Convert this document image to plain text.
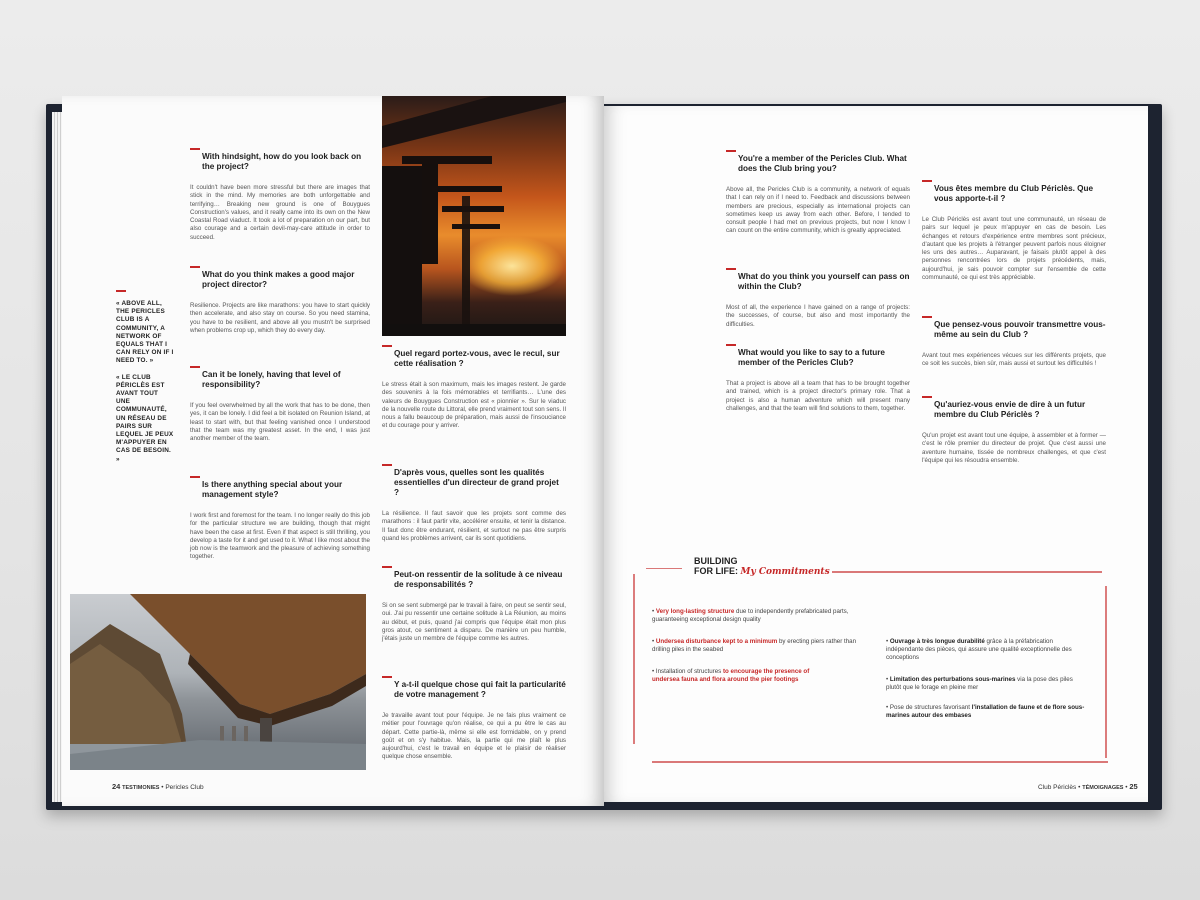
With hindsight, how do you look back on the project?

It couldn't have been more stressful but there are images that stick in the mind. My memories are both unforgettable and terrifying… Breaking new ground is one of Bouygues Construction's values, and it really came into its own on the New Coastal Road viaduct. It took a lot of preparation on our part, but also courage and a certain devil-may-care attitude in order to succeed.

What do you think makes a good major project director?

Resilience. Projects are like marathons: you have to start quickly then accelerate, and also stay on course. So you need stamina, you have to be resilient, and above all you mustn't be surprised when problems crop up, which they do every day.

Can it be lonely, having that level of responsibility?

If you feel overwhelmed by all the work that has to be done, then yes, it can be lonely. I did feel a bit isolated on Reunion Island, at least to start with, but that feeling vanished once I understood that the team was my greatest asset. In the end, I was just another member of the team.

Is there anything special about your management style?

I work first and foremost for the team. I no longer really do this job for the particular structure we are building, though that might have been the case at first. Even if that aspect is still thrilling, you develop a taste for it and get used to it. What I like most about the job now is the teamwork and the pleasure of achieving something together.

« ABOVE ALL, THE PERICLES CLUB IS A COMMUNITY, A NETWORK OF EQUALS THAT I CAN RELY ON IF I NEED TO. »
« LE CLUB PÉRICLÈS EST AVANT TOUT UNE COMMUNAUTÉ, UN RÉSEAU DE PAIRS SUR LEQUEL JE PEUX M'APPUYER EN CAS DE BESOIN. »
Quel regard portez-vous, avec le recul, sur cette réalisation ?

Le stress était à son maximum, mais les images restent. Je garde des souvenirs à la fois mémorables et terrifiants… L'une des valeurs de Bouygues Construction est « pionnier ». Sur le viaduc de la nouvelle route du Littoral, elle prend vraiment tout son sens. Il nous a fallu beaucoup de préparation, mais aussi de l'insouciance et du courage pour y arriver.

D'après vous, quelles sont les qualités essentielles d'un directeur de grand projet ?

La résilience. Il faut savoir que les projets sont comme des marathons : il faut partir vite, accélérer ensuite, et tenir la distance. Il faut donc être endurant, résilient, et surtout ne pas être surpris quand les problèmes arrivent, car ils sont quotidiens.

Peut-on ressentir de la solitude à ce niveau de responsabilités ?

Si on se sent submergé par le travail à faire, on peut se sentir seul, oui. J'ai pu ressentir une certaine solitude à La Réunion, au moins au début, et puis, quand j'ai compris que l'équipe était mon plus gros atout, ce sentiment a disparu. De manière un peu humble, j'étais juste un membre de l'équipe comme les autres.

Y a-t-il quelque chose qui fait la particularité de votre management ?

Je travaille avant tout pour l'équipe. Je ne fais plus vraiment ce métier pour l'ouvrage qu'on réalise, ce qui a pu être le cas au départ. Cette partie-là, même si elle est formidable, on y prend goût et on s'y habitue. Mais, la partie qui me plaît le plus aujourd'hui, c'est le travail en équipe et le plaisir de réaliser quelque chose ensemble.

24 TESTIMONIES • Pericles Club
You're a member of the Pericles Club. What does the Club bring you?

Above all, the Pericles Club is a community, a network of equals that I can rely on if I need to. Feedback and discussions between members are precious, especially as international projects can sometimes keep us away from each other. Before, I tended to consult people I had met on previous projects, but now I know I can count on the entire community, which is greatly appreciated.

What do you think you yourself can pass on within the Club?

Most of all, the experience I have gained on a range of projects: the successes, of course, but also and most importantly the difficulties.

What would you like to say to a future member of the Pericles Club?

That a project is above all a team that has to be brought together and trained, which is a project director's primary role. That a project is also a human adventure which will present many challenges, and that the team will find solutions to them, together.

Vous êtes membre du Club Périclès. Que vous apporte-t-il ?

Le Club Périclès est avant tout une communauté, un réseau de pairs sur lequel je peux m'appuyer en cas de besoin. Les échanges et retours d'expérience entre membres sont précieux, d'autant que les projets à l'étranger peuvent parfois nous éloigner les uns des autres… Auparavant, je faisais plutôt appel à des personnes rencontrées lors de projets précédents, mais, aujourd'hui, je sais pouvoir compter sur l'ensemble de cette communauté, ce qui est très appréciable.

Que pensez-vous pouvoir transmettre vous-même au sein du Club ?

Avant tout mes expériences vécues sur les différents projets, que ce soit les succès, bien sûr, mais aussi et surtout les difficultés !

Qu'auriez-vous envie de dire à un futur membre du Club Périclès ?

Qu'un projet est avant tout une équipe, à assembler et à former — c'est le rôle premier du directeur de projet. Que c'est aussi une aventure humaine, tissée de nombreux challenges, et que c'est l'équipe qui les résoudra ensemble.

BUILDING
FOR LIFE: My Commitments
• Very long-lasting structure due to independently prefabricated parts, guaranteeing exceptional design quality
• Undersea disturbance kept to a minimum by erecting piers rather than drilling piles in the seabed
• Installation of structures to encourage the presence of undersea fauna and flora around the pier footings
• Ouvrage à très longue durabilité grâce à la préfabrication indépendante des pièces, qui assure une qualité exceptionnelle des conceptions
• Limitation des perturbations sous-marines via la pose des piles plutôt que le forage en pleine mer
• Pose de structures favorisant l'installation de faune et de flore sous-marines autour des embases
Club Périclès • TÉMOIGNAGES • 25
